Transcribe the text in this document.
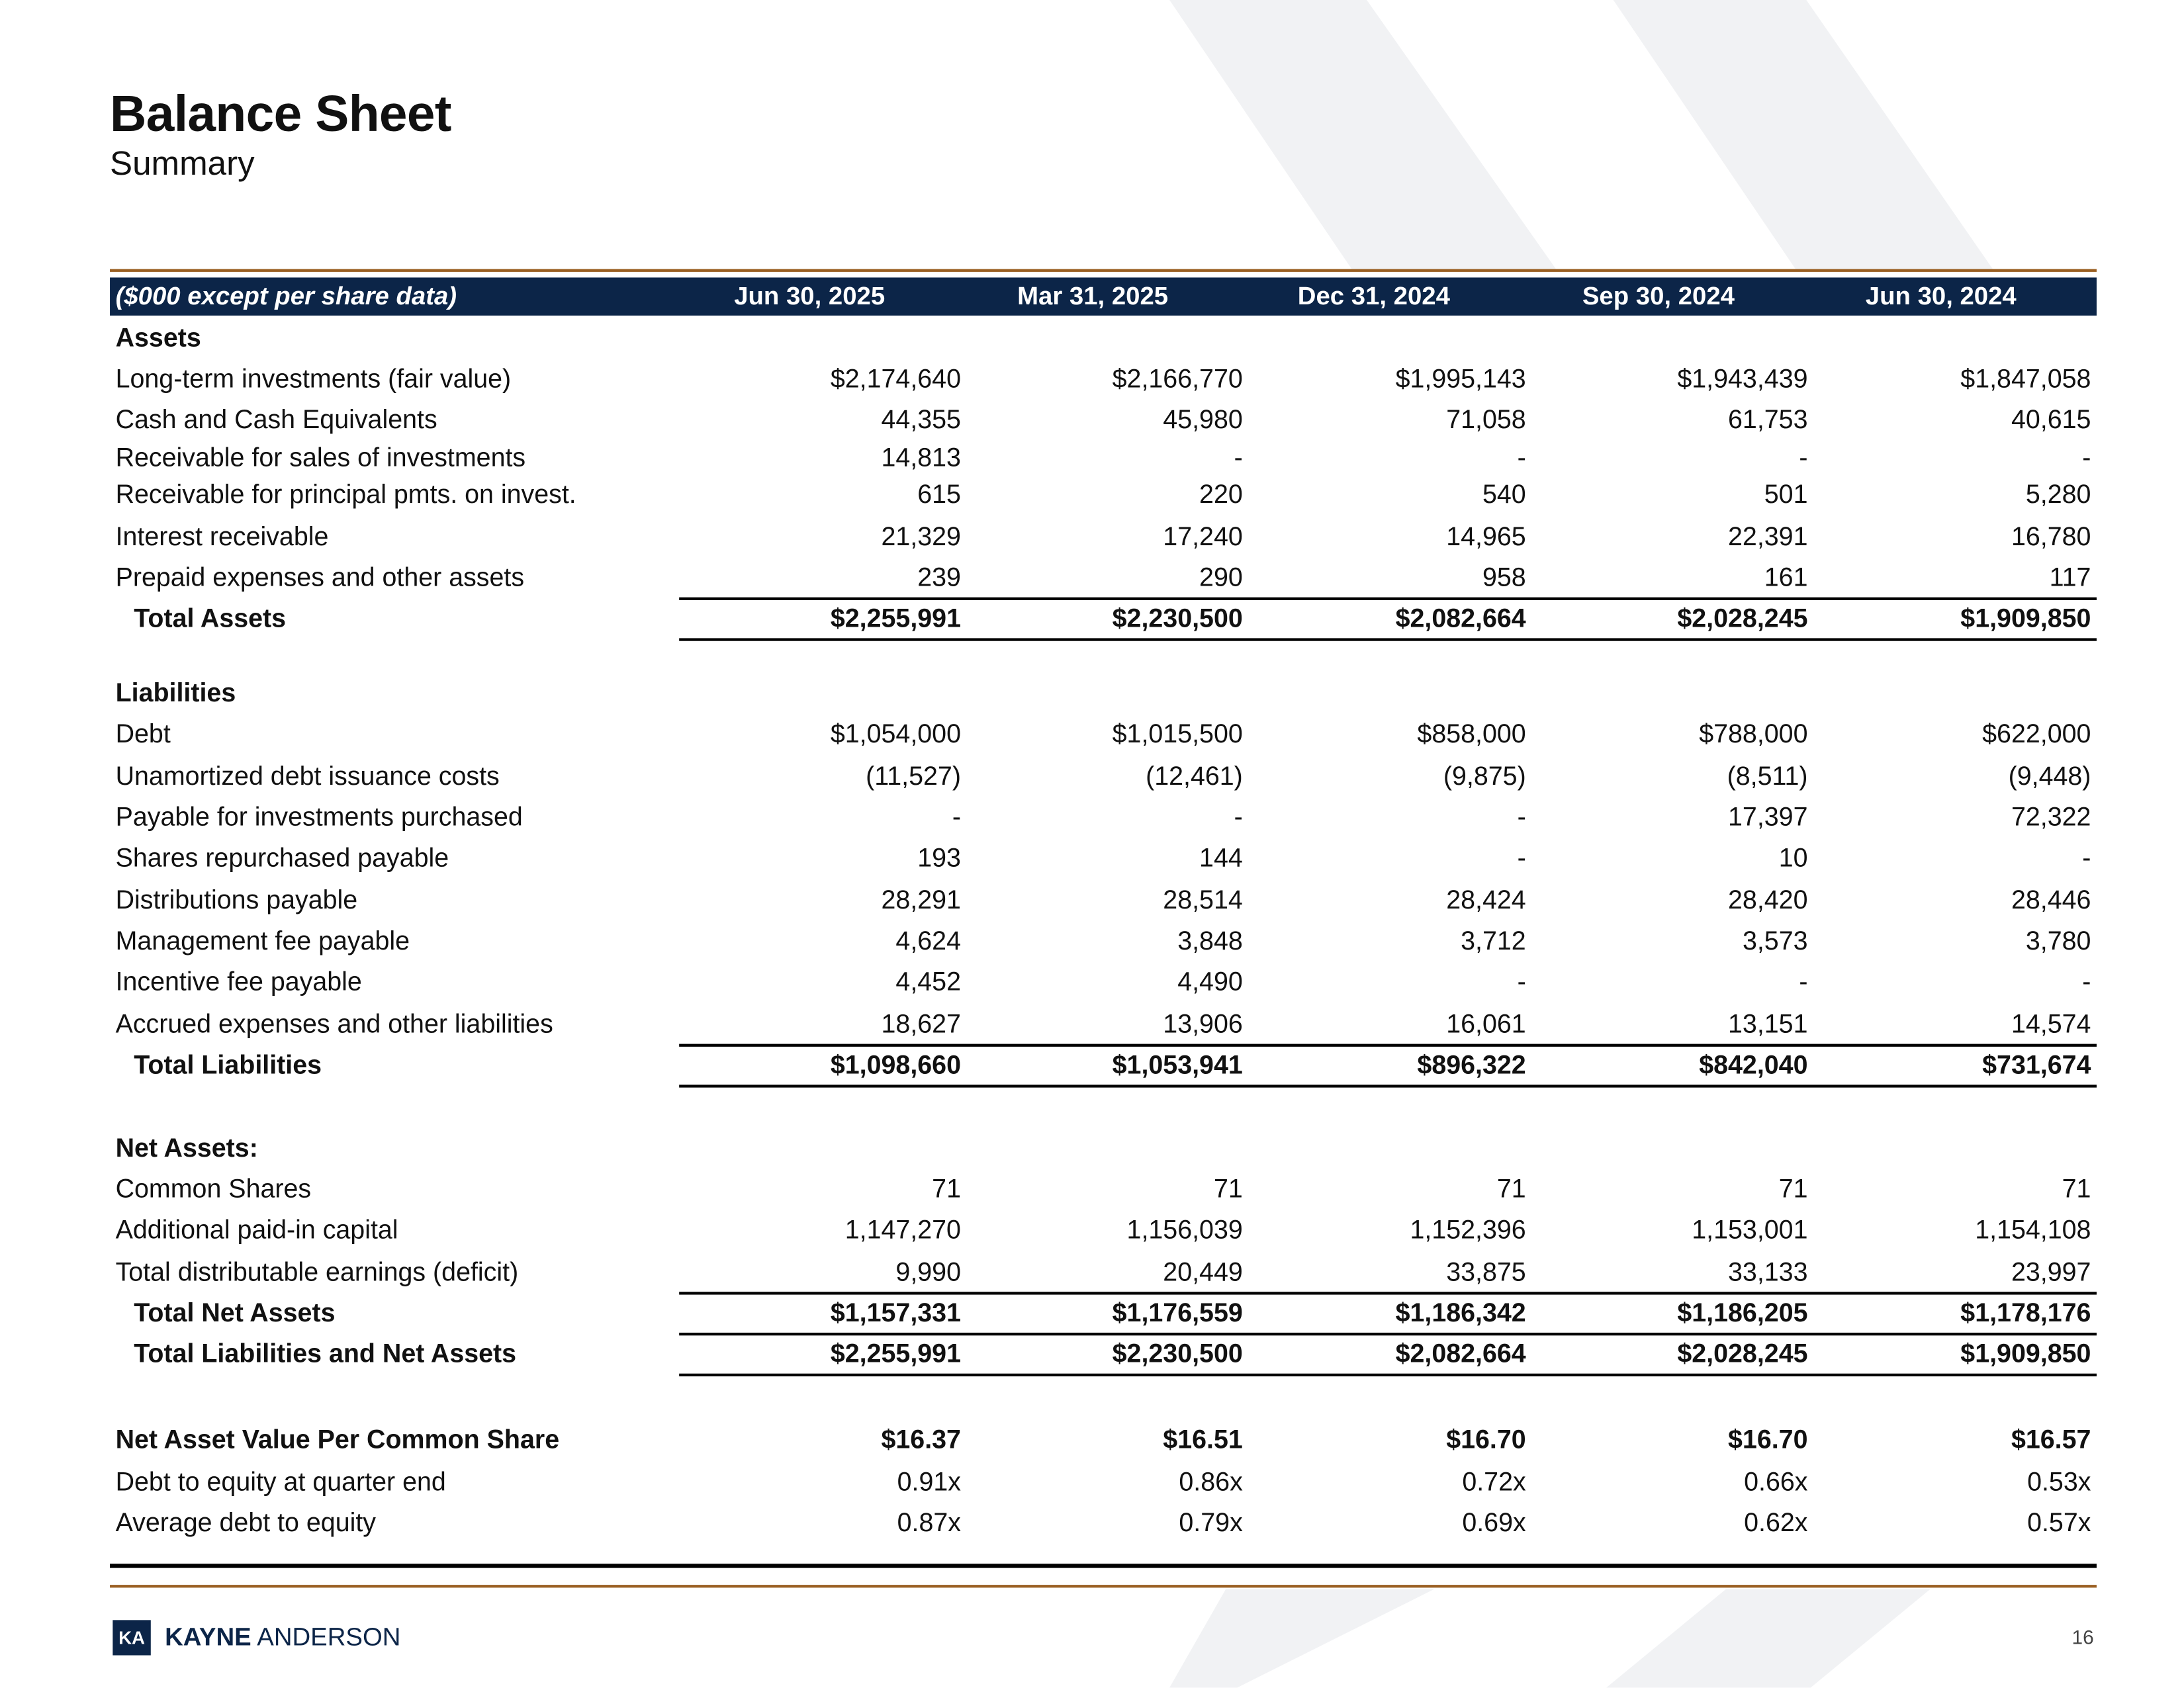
Balance Sheet
Summary
($000 except per share data)	Jun 30, 2025	Mar 31, 2025	Dec 31, 2024	Sep 30, 2024	Jun 30, 2024
Assets
Long-term investments (fair value)	$2,174,640	$2,166,770	$1,995,143	$1,943,439	$1,847,058
Cash and Cash Equivalents	44,355	45,980	71,058	61,753	40,615
Receivable for sales of investments	14,813	-	-	-	-
Receivable for principal pmts. on invest.	615	220	540	501	5,280
Interest receivable	21,329	17,240	14,965	22,391	16,780
Prepaid expenses and other assets	239	290	958	161	117
Total Assets	$2,255,991	$2,230,500	$2,082,664	$2,028,245	$1,909,850
Liabilities
Debt	$1,054,000	$1,015,500	$858,000	$788,000	$622,000
Unamortized debt issuance costs	(11,527)	(12,461)	(9,875)	(8,511)	(9,448)
Payable for investments purchased	-	-	-	17,397	72,322
Shares repurchased payable	193	144	-	10	-
Distributions payable	28,291	28,514	28,424	28,420	28,446
Management fee payable	4,624	3,848	3,712	3,573	3,780
Incentive fee payable	4,452	4,490	-	-	-
Accrued expenses and other liabilities	18,627	13,906	16,061	13,151	14,574
Total Liabilities	$1,098,660	$1,053,941	$896,322	$842,040	$731,674
Net Assets:
Common Shares	71	71	71	71	71
Additional paid-in capital	1,147,270	1,156,039	1,152,396	1,153,001	1,154,108
Total distributable earnings (deficit)	9,990	20,449	33,875	33,133	23,997
Total Net Assets	$1,157,331	$1,176,559	$1,186,342	$1,186,205	$1,178,176
Total Liabilities and Net Assets	$2,255,991	$2,230,500	$2,082,664	$2,028,245	$1,909,850
Net Asset Value Per Common Share	$16.37	$16.51	$16.70	$16.70	$16.57
Debt to equity at quarter end	0.91x	0.86x	0.72x	0.66x	0.53x
Average debt to equity	0.87x	0.79x	0.69x	0.62x	0.57x
KA	KAYNE ANDERSON	16
